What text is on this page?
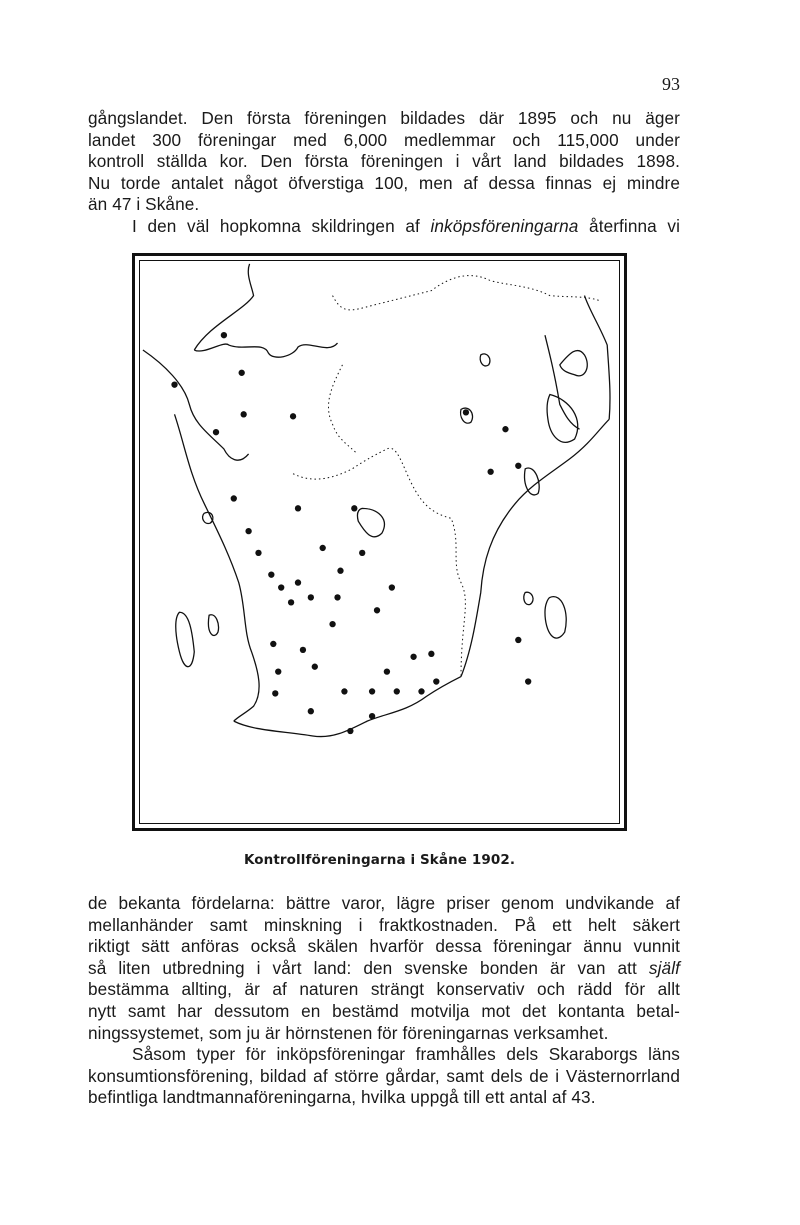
93
gångslandet. Den första föreningen bildades där 1895 och nu äger
landet 300 föreningar med 6,000 medlemmar och 115,000 under
kontroll ställda kor. Den första föreningen i vårt land bildades 1898.
Nu torde antalet något öfverstiga 100, men af dessa finnas ej mindre
än 47 i Skåne.
I den väl hopkomna skildringen af inköpsföreningarna återfinna vi
Kontrollföreningarna i Skåne 1902.
de bekanta fördelarna: bättre varor, lägre priser genom undvikande af
mellanhänder samt minskning i fraktkostnaden. På ett helt säkert
riktigt sätt anföras också skälen hvarför dessa föreningar ännu vunnit
så liten utbredning i vårt land: den svenske bonden är van att själf
bestämma allting, är af naturen strängt konservativ och rädd för allt
nytt samt har dessutom en bestämd motvilja mot det kontanta betal-
ningssystemet, som ju är hörnstenen för föreningarnas verksamhet.
Såsom typer för inköpsföreningar framhålles dels Skaraborgs läns
konsumtionsförening, bildad af större gårdar, samt dels de i Västernorrland
befintliga landtmannaföreningarna, hvilka uppgå till ett antal af 43.
